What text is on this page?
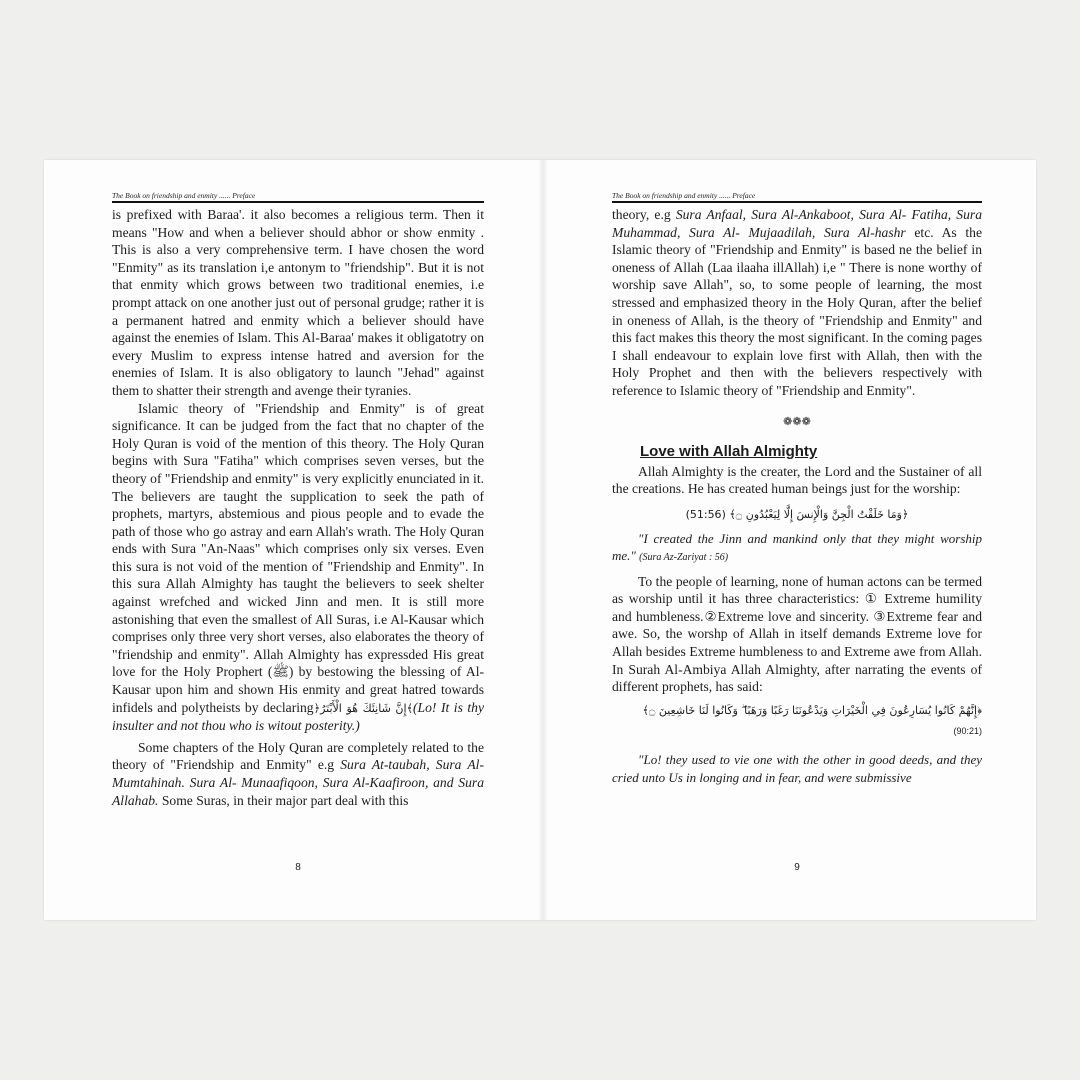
The Book on friendship and enmity ...... Preface

is prefixed with Baraa'. it also becomes a religious term. Then it means "How and when a believer should abhor or show enmity . This is also a very comprehensive term. I have chosen the word "Enmity" as its translation i,e antonym to "friendship". But it is not that enmity which grows between two traditional enemies, i.e prompt attack on one another just out of personal grudge; rather it is a permanent hatred and enmity which a believer should have against the enemies of Islam. This Al-Baraa' makes it obligatotry on every Muslim to express intense hatred and aversion for the enemies of Islam. It is also obligatory to launch "Jehad" against them to shatter their strength and avenge their tyranies.

Islamic theory of "Friendship and Enmity" is of great significance. It can be judged from the fact that no chapter of the Holy Quran is void of the mention of this theory. The Holy Quran begins with Sura "Fatiha" which comprises seven verses, but the theory of "Friendship and enmity" is very explicitly enunciated in it. The believers are taught the supplication to seek the path of prophets, martyrs, abstemious and pious people and to evade the path of those who go astray and earn Allah's wrath. The Holy Quran ends with Sura "An-Naas" which comprises only six verses. Even this sura is not void of the mention of "Friendship and Enmity". In this sura Allah Almighty has taught the believers to seek shelter against wrefched and wicked Jinn and men. It is still more astonishing that even the smallest of All Suras, i.e Al-Kausar which comprises only three very short verses, also elaborates the theory of "friendship and enmity". Allah Almighty has expressded His great love for the Holy Prophert (ﷺ) by bestowing the blessing of Al-Kausar upon him and shown His enmity and great hatred towards infidels and polytheists by declaring﴿إِنَّ شَانِئَكَ هُوَ الْأَبْتَرُ﴾(Lo! It is thy insulter and not thou who is witout posterity.)

Some chapters of the Holy Quran are completely related to the theory of "Friendship and Enmity" e.g Sura At-taubah, Sura Al-Mumtahinah. Sura Al- Munaafiqoon, Sura Al-Kaafiroon, and Sura Allahab. Some Suras, in their major part deal with this

8
The Book on friendship and enmity ...... Preface

theory, e.g Sura Anfaal, Sura Al-Ankaboot, Sura Al- Fatiha, Sura Muhammad, Sura Al- Mujaadilah, Sura Al-hashr etc. As the Islamic theory of "Friendship and Enmity" is based ne the belief in oneness of Allah (Laa ilaaha illAllah) i,e " There is none worthy of worship save Allah", so, to some people of learning, the most stressed and emphasized theory in the Holy Quran, after the belief in oneness of Allah, is the theory of "Friendship and Enmity" and this fact makes this theory the most significant. In the coming pages I shall endeavour to explain love first with Allah, then with the Holy Prophet and then with the believers respectively with reference to Islamic theory of "Friendship and Enmity".

❁❁❁
Love with Allah Almighty

Allah Almighty is the creater, the Lord and the Sustainer of all the creations. He has created human beings just for the worship:

﴿وَمَا خَلَقْتُ الْجِنَّ وَالْإِنسَ إِلَّا لِيَعْبُدُونِ ۝﴾ (51:56)

"I created the Jinn and mankind only that they might worship me." (Sura Az-Zariyat : 56)

To the people of learning, none of human actons can be termed as worship until it has three characteristics: ① Extreme humility and humbleness.②Extreme love and sincerity. ③Extreme fear and awe. So, the worshp of Allah in itself demands Extreme love for Allah besides Extreme humbleness to and Extreme awe from Allah. In Surah Al-Ambiya Allah Almighty, after narrating the events of different prophets, has said:

﴿إِنَّهُمْ كَانُوا يُسَارِعُونَ فِي الْخَيْرَاتِ وَيَدْعُونَنَا رَغَبًا وَرَهَبًا ۖ وَكَانُوا لَنَا خَاشِعِينَ ۝﴾
(90:21)

"Lo! they used to vie one with the other in good deeds, and they cried unto Us in longing and in fear, and were submissive

9
